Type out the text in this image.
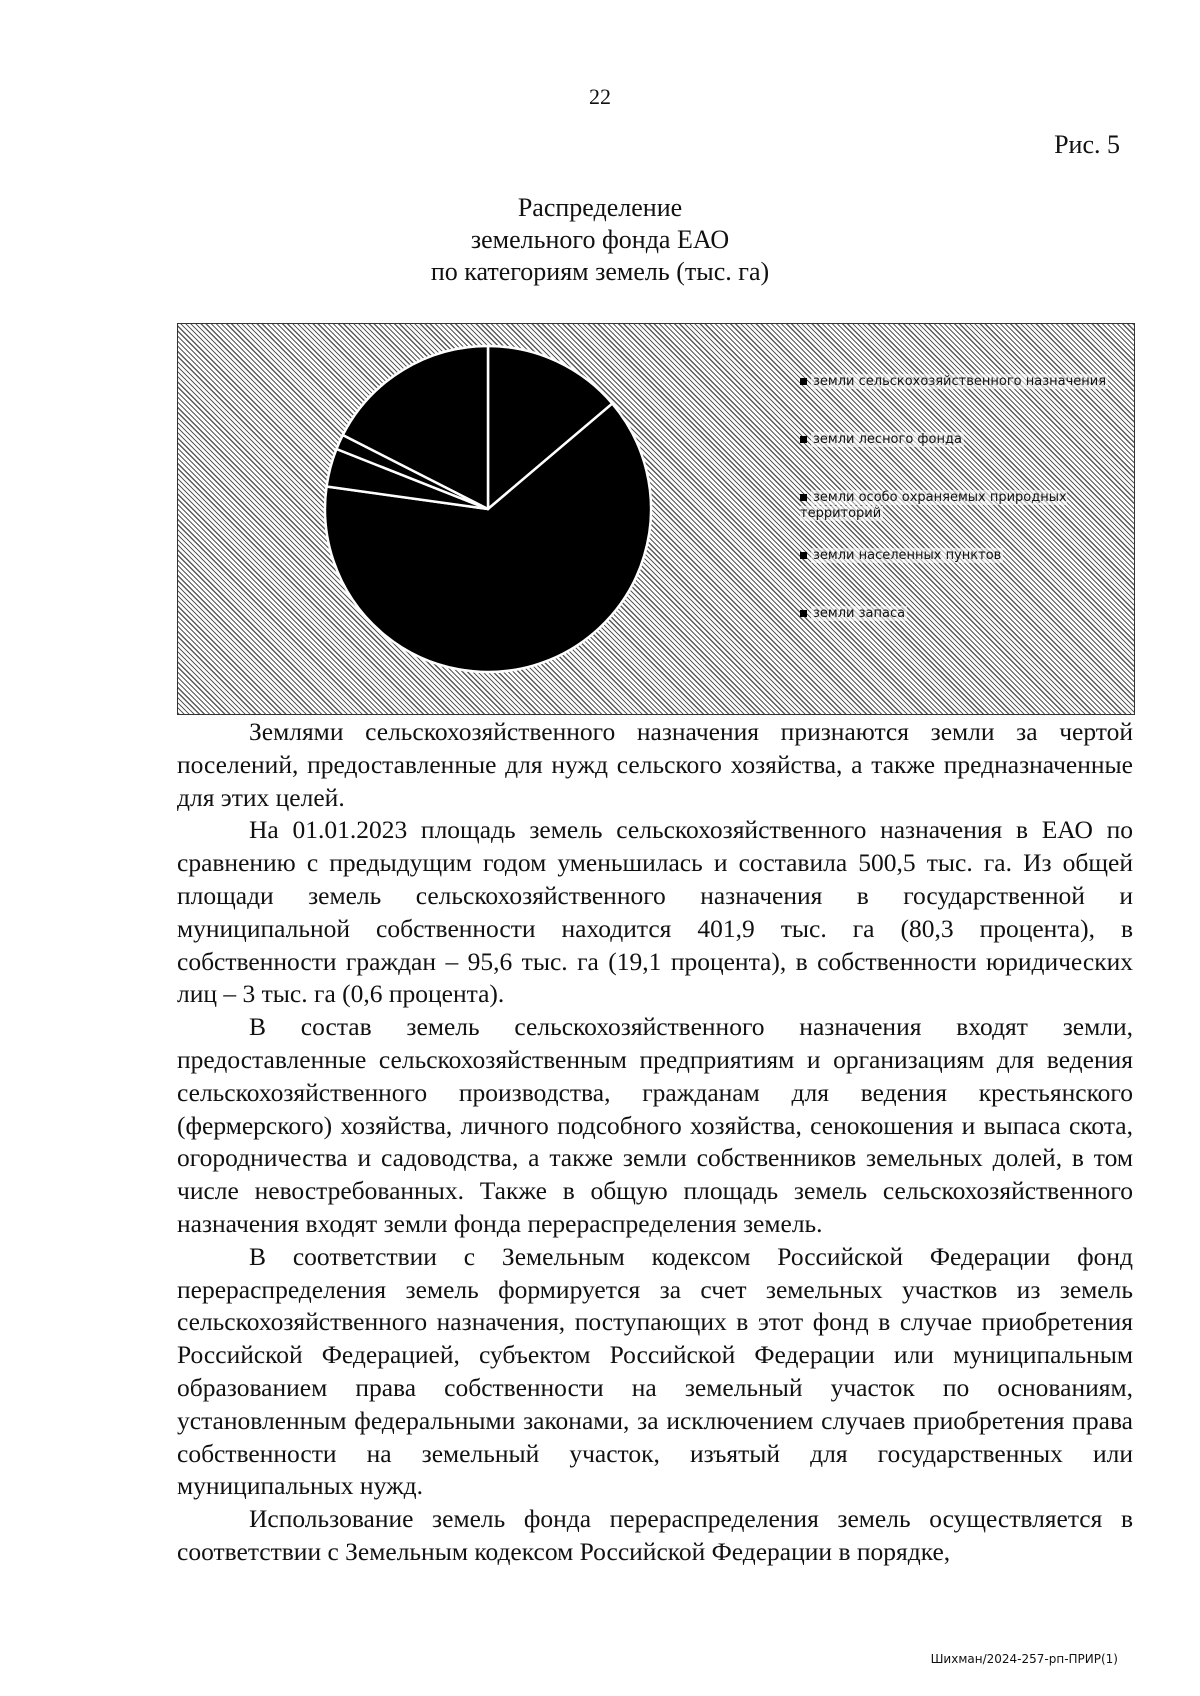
22
Рис. 5
Распределение
земельного фонда ЕАО
по категориям земель (тыс. га)
земли сельскохозяйственного назначения
земли лесного фонда
земли особо охраняемых природных территорий
земли населенных пунктов
земли запаса

Землями сельскохозяйственного назначения признаются земли за чертой поселений, предоставленные для нужд сельского хозяйства, а также предназначенные для этих целей.

На 01.01.2023 площадь земель сельскохозяйственного назначения в ЕАО по сравнению с предыдущим годом уменьшилась и составила 500,5 тыс. га. Из общей площади земель сельскохозяйственного назначения в государственной и муниципальной собственности находится 401,9 тыс. га (80,3 процента), в собственности граждан – 95,6 тыс. га (19,1 процента), в собственности юридических лиц – 3 тыс. га (0,6 процента).

В состав земель сельскохозяйственного назначения входят земли, предоставленные сельскохозяйственным предприятиям и организациям для ведения сельскохозяйственного производства, гражданам для ведения крестьянского (фермерского) хозяйства, личного подсобного хозяйства, сенокошения и выпаса скота, огородничества и садоводства, а также земли собственников земельных долей, в том числе невостребованных. Также в общую площадь земель сельскохозяйственного назначения входят земли фонда перераспределения земель.

В соответствии с Земельным кодексом Российской Федерации фонд перераспределения земель формируется за счет земельных участков из земель сельскохозяйственного назначения, поступающих в этот фонд в случае приобретения Российской Федерацией, субъектом Российской Федерации или муниципальным образованием права собственности на земельный участок по основаниям, установленным федеральными законами, за исключением случаев приобретения права собственности на земельный участок, изъятый для государственных или муниципальных нужд.

Использование земель фонда перераспределения земель осуществляется в соответствии с Земельным кодексом Российской Федерации в порядке,

Шихман/2024-257-рп-ПРИР(1)
